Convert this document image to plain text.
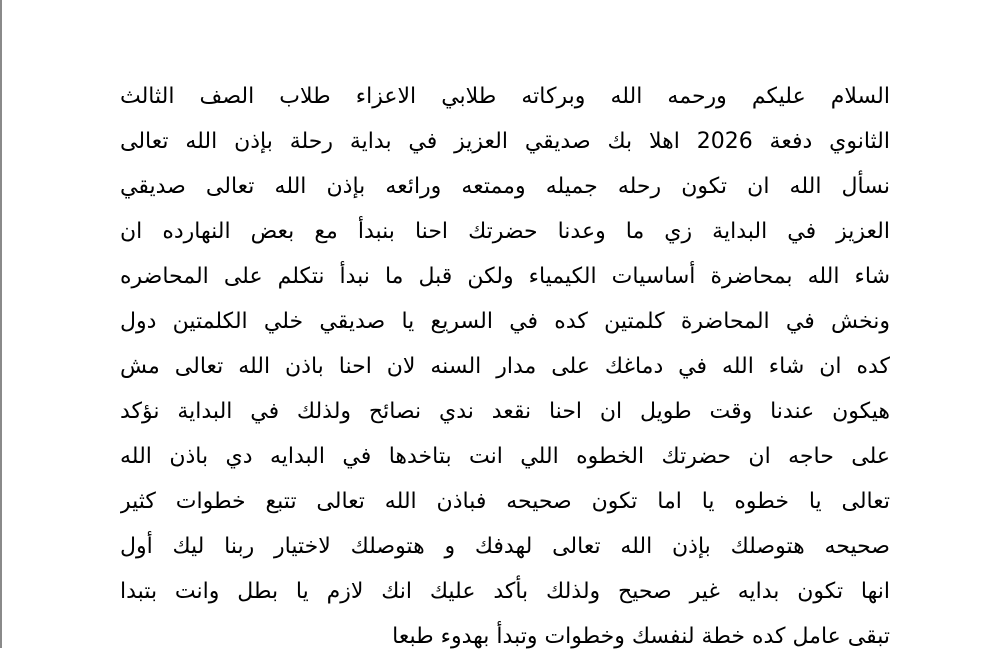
السلام عليكم ورحمه الله وبركاته طلابي الاعزاء طلاب الصف الثالث
الثانوي دفعة 2026 اهلا بك صديقي العزيز في بداية رحلة بإذن الله تعالى
نسأل الله ان تكون رحله جميله وممتعه ورائعه بإذن الله تعالى صديقي
العزيز في البداية زي ما وعدنا حضرتك احنا بنبدأ مع بعض النهارده ان
شاء الله بمحاضرة أساسيات الكيمياء ولكن قبل ما نبدأ نتكلم على المحاضره
ونخش في المحاضرة كلمتين كده في السريع يا صديقي خلي الكلمتين دول
كده ان شاء الله في دماغك على مدار السنه لان احنا باذن الله تعالى مش
هيكون عندنا وقت طويل ان احنا نقعد ندي نصائح ولذلك في البداية نؤكد
على حاجه ان حضرتك الخطوه اللي انت بتاخدها في البدايه دي باذن الله
تعالى يا خطوه يا اما تكون صحيحه فباذن الله تعالى تتبع خطوات كثير
صحيحه هتوصلك بإذن الله تعالى لهدفك و هتوصلك لاختيار ربنا ليك أول
انها تكون بدايه غير صحيح ولذلك بأكد عليك انك لازم يا بطل وانت بتبدا
تبقى عامل كده خطة لنفسك وخطوات وتبدأ بهدوء طبعا
